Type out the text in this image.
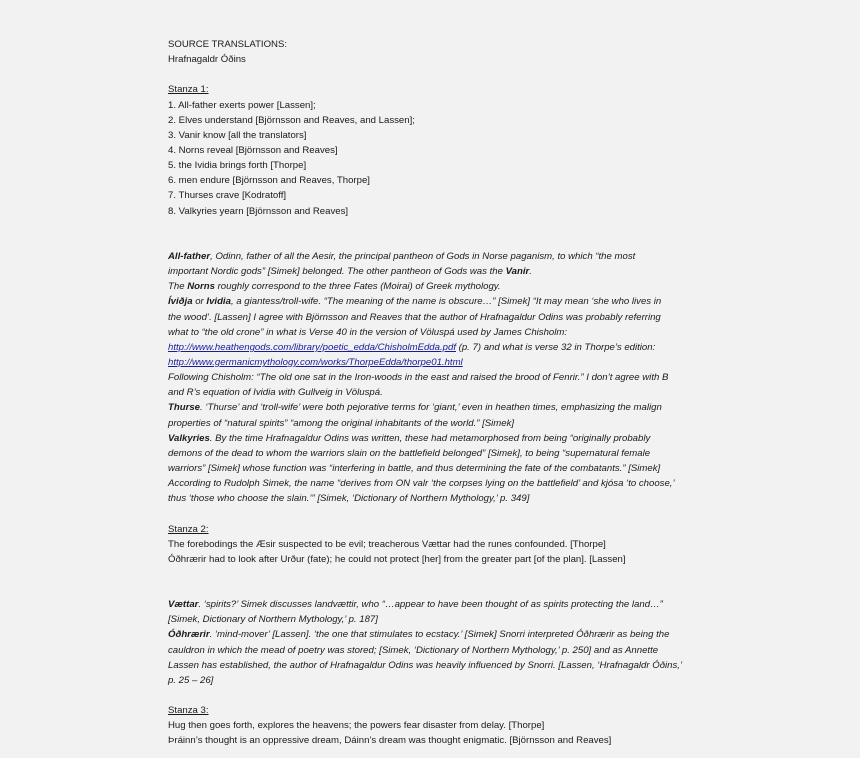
SOURCE TRANSLATIONS:
Hrafnagaldr Óðins
Stanza 1:
1. All-father exerts power [Lassen];
2. Elves understand [Björnsson and Reaves, and Lassen];
3. Vanir know [all the translators]
4. Norns reveal [Björnsson and Reaves]
5. the Ividia brings forth [Thorpe]
6. men endure [Björnsson and Reaves, Thorpe]
7. Thurses crave [Kodratoff]
8. Valkyries yearn [Björnsson and Reaves]
All-father, Odinn, father of all the Aesir, the principal pantheon of Gods in Norse paganism, to which “the most
important Nordic gods” [Simek] belonged. The other pantheon of Gods was the Vanir.
The Norns roughly correspond to the three Fates (Moirai) of Greek mythology.
Íviðja or Ividia, a giantess/troll-wife. “The meaning of the name is obscure…” [Simek] “It may mean ‘she who lives in
the wood’. [Lassen] I agree with Björnsson and Reaves that the author of Hrafnagaldur Odins was probably referring
what to “the old crone” in what is Verse 40 in the version of Völuspá used by James Chisholm:
http://www.heathengods.com/library/poetic_edda/ChisholmEdda.pdf (p. 7) and what is verse 32 in Thorpe’s edition:
http://www.germanicmythology.com/works/ThorpeEdda/thorpe01.html
Following Chisholm: “The old one sat in the Iron-woods in the east and raised the brood of Fenrir.” I don’t agree with B
and R’s equation of Ividia with Gullveig in Völuspá.
Thurse. ‘Thurse’ and ‘troll-wife’ were both pejorative terms for ‘giant,’ even in heathen times, emphasizing the malign
properties of “natural spirits” “among the original inhabitants of the world.” [Simek]
Valkyries. By the time Hrafnagaldur Odins was written, these had metamorphosed from being “originally probably
demons of the dead to whom the warriors slain on the battlefield belonged” [Simek], to being “supernatural female
warriors” [Simek] whose function was “interfering in battle, and thus determining the fate of the combatants.” [Simek]
According to Rudolph Simek, the name “derives from ON valr ‘the corpses lying on the battlefield’ and kjósa ‘to choose,’
thus ‘those who choose the slain.’” [Simek, ‘Dictionary of Northern Mythology,’ p. 349]
Stanza 2:
The forebodings the Æsir suspected to be evil; treacherous Vættar had the runes confounded. [Thorpe]
Óðhrærir had to look after Urður (fate); he could not protect [her] from the greater part [of the plan]. [Lassen]
Vættar. ‘spirits?’ Simek discusses landvættir, who “…appear to have been thought of as spirits protecting the land…”
[Simek, Dictionary of Northern Mythology,’ p. 187]
Óðhrærir. ‘mind-mover’ [Lassen]. ‘the one that stimulates to ecstacy.’ [Simek] Snorri interpreted Óðhrærir as being the
cauldron in which the mead of poetry was stored; [Simek, ‘Dictionary of Northern Mythology,’ p. 250] and as Annette
Lassen has established, the author of Hrafnagaldur Odins was heavily influenced by Snorri. [Lassen, ‘Hrafnagaldr Óðins,’
p. 25 – 26]
Stanza 3:
Hug then goes forth, explores the heavens; the powers fear disaster from delay. [Thorpe]
Þráinn’s thought is an oppressive dream, Dáinn’s dream was thought enigmatic. [Björnsson and Reaves]
